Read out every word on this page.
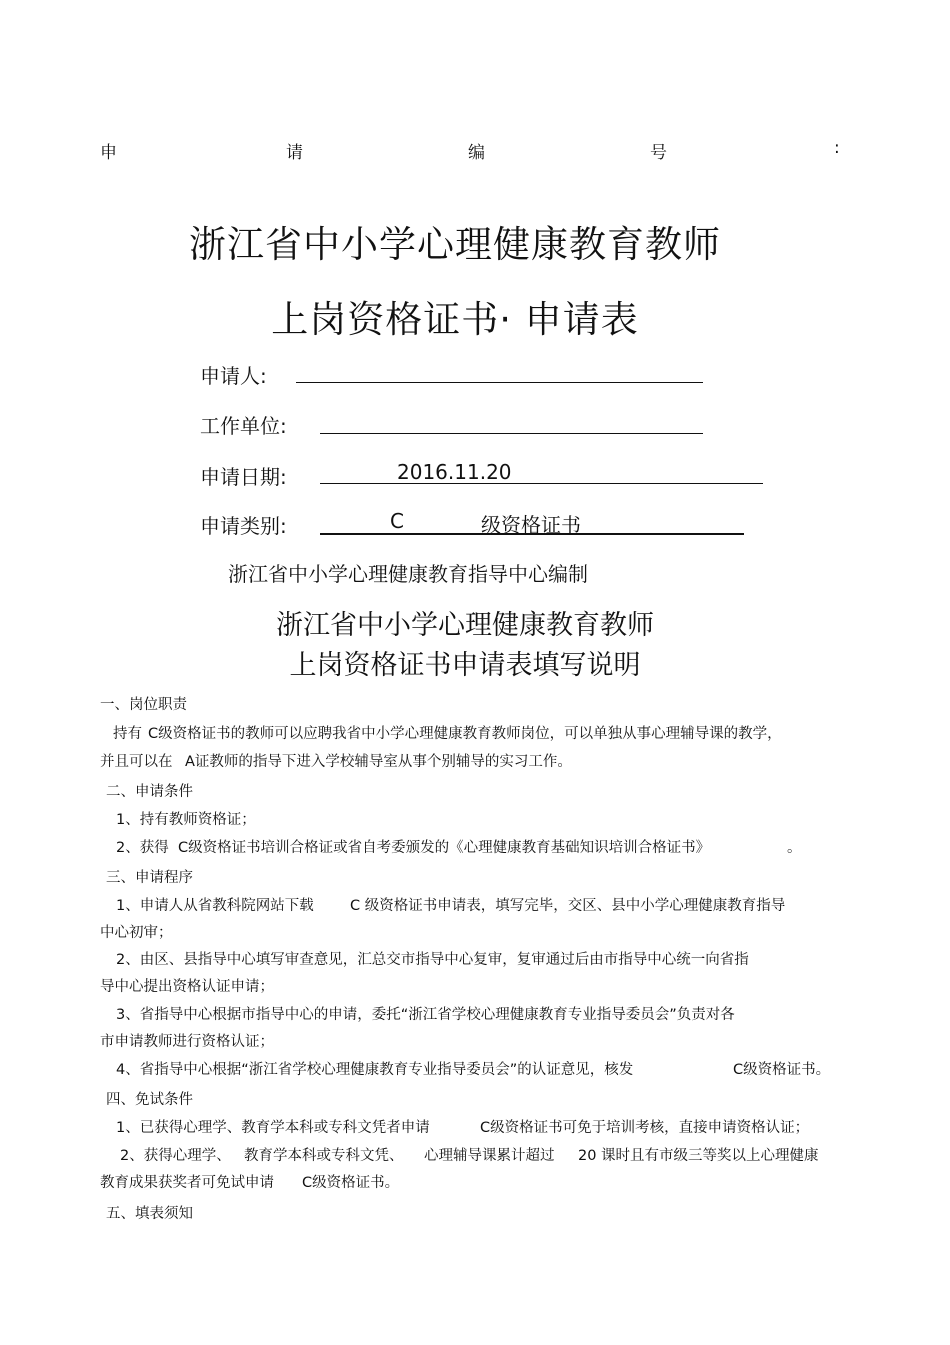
申	请	编	号	:
浙江省中小学心理健康教育教师
上岗资格证书· 申请表
申请人:
工作单位:
申请日期:	2016.11.20
申请类别:	C	级资格证书
浙江省中小学心理健康教育指导中心编制
浙江省中小学心理健康教育教师
上岗资格证书申请表填写说明
一、岗位职责
持有 C级资格证书的教师可以应聘我省中小学心理健康教育教师岗位，可以单独从事心理辅导课的教学，
并且可以在 A证教师的指导下进入学校辅导室从事个别辅导的实习工作。
二、申请条件
1、持有教师资格证；
2、获得 C级资格证书培训合格证或省自考委颁发的《心理健康教育基础知识培训合格证书》	。
三、申请程序
1、申请人从省教科院网站下载	C 级资格证书申请表，填写完毕，交区、县中小学心理健康教育指导
中心初审；
2、由区、县指导中心填写审查意见，汇总交市指导中心复审，复审通过后由市指导中心统一向省指
导中心提出资格认证申请；
3、省指导中心根据市指导中心的申请，委托“浙江省学校心理健康教育专业指导委员会”负责对各
市申请教师进行资格认证；
4、省指导中心根据“浙江省学校心理健康教育专业指导委员会”的认证意见，核发	C级资格证书。
四、免试条件
1、已获得心理学、教育学本科或专科文凭者申请	C级资格证书可免于培训考核，直接申请资格认证；
2、获得心理学、 教育学本科或专科文凭、 心理辅导课累计超过 20 课时且有市级三等奖以上心理健康
教育成果获奖者可免试申请 C级资格证书。
五、填表须知
